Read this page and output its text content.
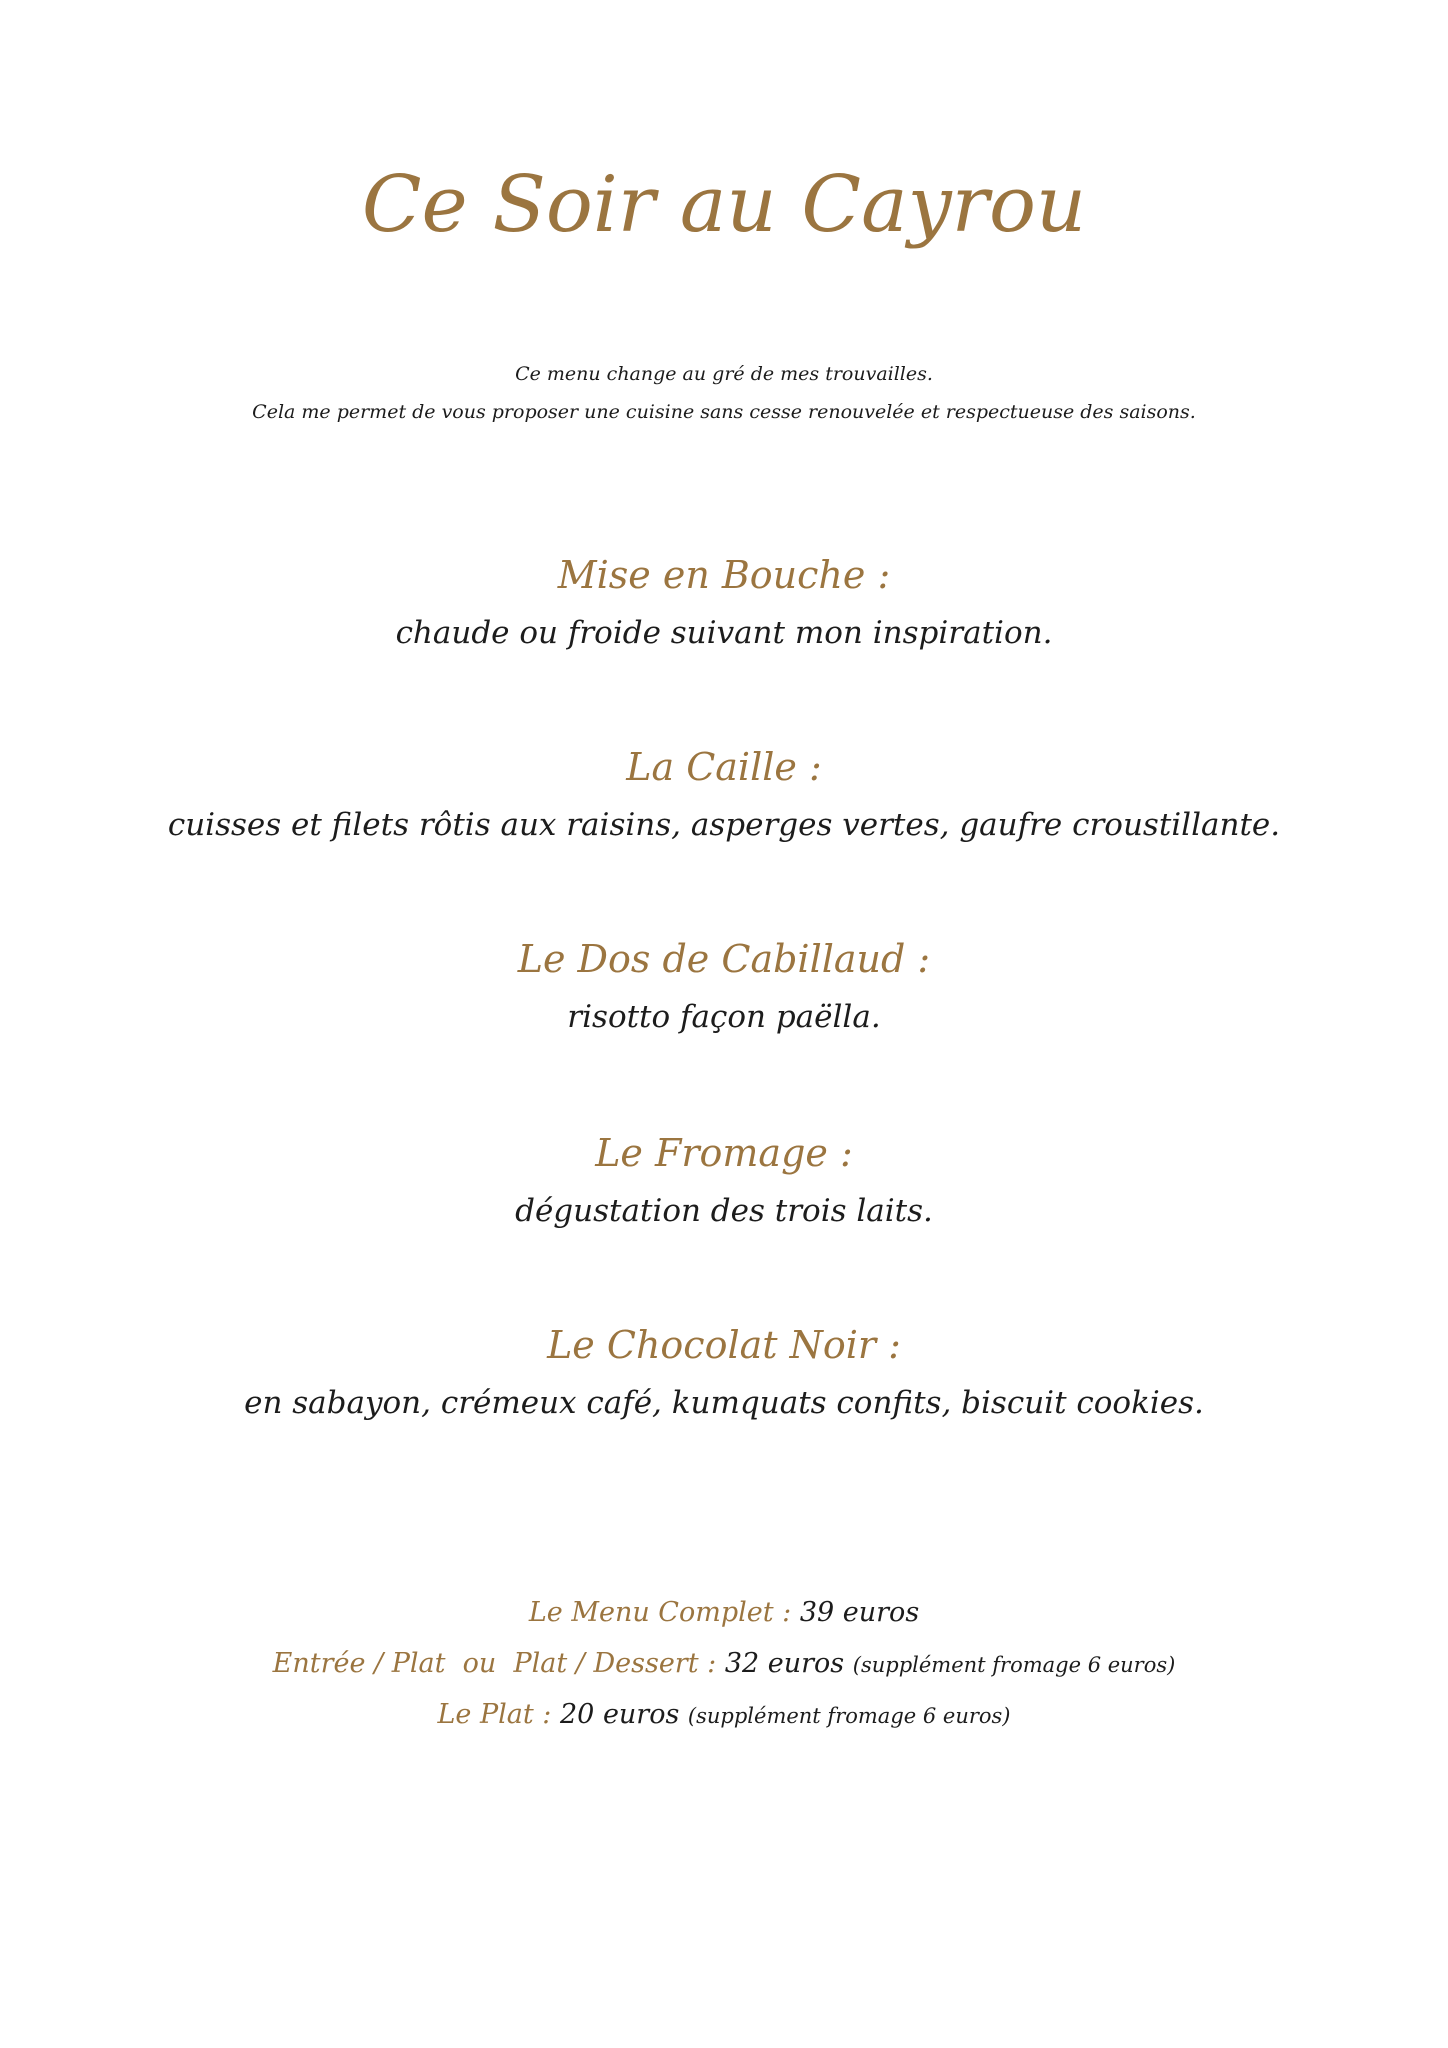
Ce Soir au Cayrou
Ce menu change au gré de mes trouvailles.
Cela me permet de vous proposer une cuisine sans cesse renouvelée et respectueuse des saisons.
Mise en Bouche :
chaude ou froide suivant mon inspiration.
La Caille :
cuisses et filets rôtis aux raisins, asperges vertes, gaufre croustillante.
Le Dos de Cabillaud :
risotto façon paëlla.
Le Fromage :
dégustation des trois laits.
Le Chocolat Noir :
en sabayon, crémeux café, kumquats confits, biscuit cookies.
Le Menu Complet : 39 euros
Entrée / Plat  ou  Plat / Dessert : 32 euros (supplément fromage 6 euros)
Le Plat : 20 euros (supplément fromage 6 euros)
